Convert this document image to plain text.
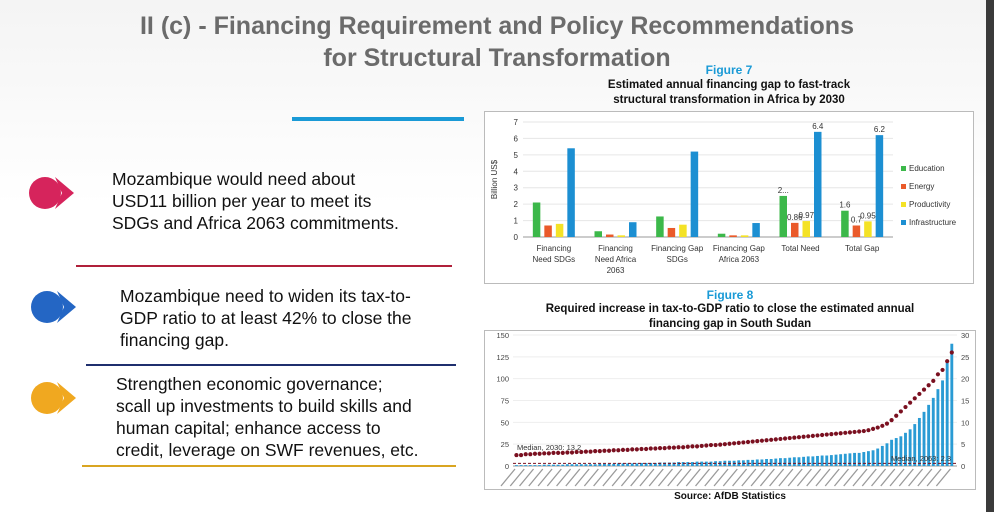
II (c) - Financing Requirement and Policy Recommendations
for Structural Transformation
Mozambique would need about
USD11 billion per year to meet its
SDGs and Africa 2063 commitments.
Mozambique need to widen its tax-to-
GDP ratio to at least 42% to close the
financing gap.
Strengthen economic governance;
scall up investments to build skills and
human capital; enhance access to
credit, leverage on SWF revenues, etc.
Figure 7
Estimated annual financing gap to fast-track
structural transformation in Africa by 2030
0
1
2
3
4
5
6
7
Billion US$
Financing
Need SDGs
Financing
Need Africa
2063
Financing Gap
SDGs
Financing Gap
Africa 2063
Total Need	Total Gap
2...
0.86
0.97
6.4
1.6
0.7
0.95
6.2
Education
Energy
Productivity
Infrastructure
Figure 8
Required increase in tax-to-GDP ratio to close the estimated annual
financing gap in South Sudan
0
25
50
75
100
125
150
0
5
10
15
20
25
30
Median, 2030: 13.2
Median, 2063: 2.3
Source: AfDB Statistics
